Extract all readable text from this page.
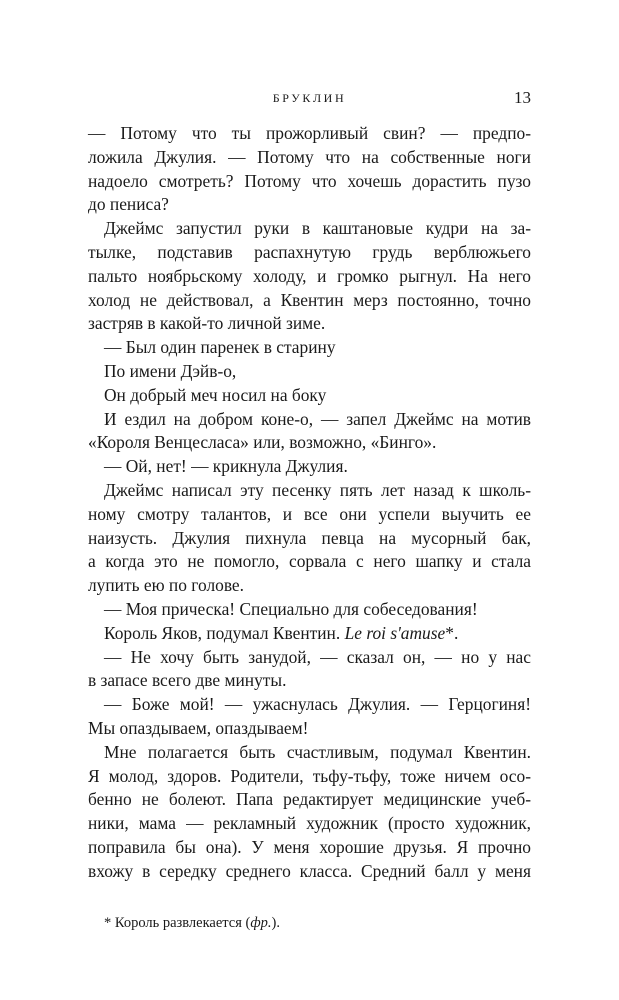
БРУКЛИН	13
— Потому что ты прожорливый свин? — предпо-
ложила Джулия. — Потому что на собственные ноги
надоело смотреть? Потому что хочешь дорастить пузо
до пениса?
Джеймс запустил руки в каштановые кудри на за-
тылке, подставив распахнутую грудь верблюжьего
пальто ноябрьскому холоду, и громко рыгнул. На него
холод не действовал, а Квентин мерз постоянно, точно
застряв в какой-то личной зиме.
— Был один паренек в старину
По имени Дэйв-о,
Он добрый меч носил на боку
И ездил на добром коне-о, — запел Джеймс на мотив
«Короля Венцесласа» или, возможно, «Бинго».
— Ой, нет! — крикнула Джулия.
Джеймс написал эту песенку пять лет назад к школь-
ному смотру талантов, и все они успели выучить ее
наизусть. Джулия пихнула певца на мусорный бак,
а когда это не помогло, сорвала с него шапку и стала
лупить ею по голове.
— Моя прическа! Специально для собеседования!
Король Яков, подумал Квентин. Le roi s'amuse*.
— Не хочу быть занудой, — сказал он, — но у нас
в запасе всего две минуты.
— Боже мой! — ужаснулась Джулия. — Герцогиня!
Мы опаздываем, опаздываем!
Мне полагается быть счастливым, подумал Квентин.
Я молод, здоров. Родители, тьфу-тьфу, тоже ничем осо-
бенно не болеют. Папа редактирует медицинские учеб-
ники, мама — рекламный художник (просто художник,
поправила бы она). У меня хорошие друзья. Я прочно
вхожу в середку среднего класса. Средний балл у меня
* Король развлекается (фр.).
